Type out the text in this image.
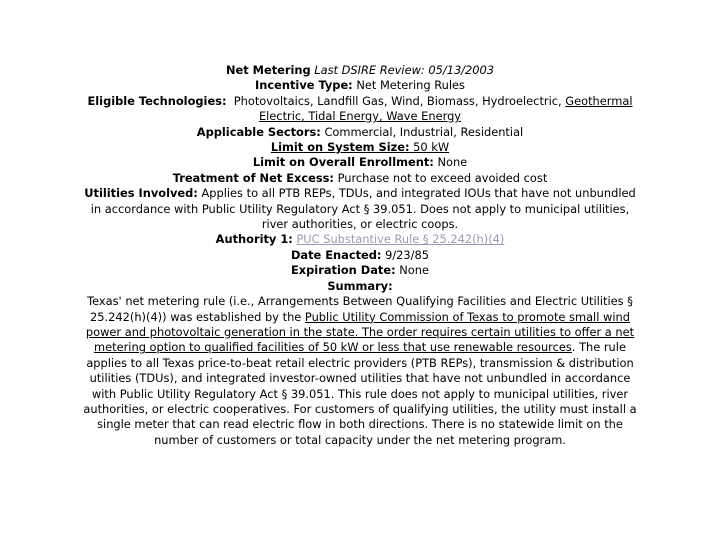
Net Metering Last DSIRE Review: 05/13/2003
Incentive Type: Net Metering Rules
Eligible Technologies: Photovoltaics, Landfill Gas, Wind, Biomass, Hydroelectric, Geothermal
Electric, Tidal Energy, Wave Energy
Applicable Sectors: Commercial, Industrial, Residential
Limit on System Size: 50 kW
Limit on Overall Enrollment: None
Treatment of Net Excess: Purchase not to exceed avoided cost
Utilities Involved: Applies to all PTB REPs, TDUs, and integrated IOUs that have not unbundled
in accordance with Public Utility Regulatory Act § 39.051. Does not apply to municipal utilities,
river authorities, or electric coops.
Authority 1: PUC Substantive Rule § 25.242(h)(4)
Date Enacted: 9/23/85
Expiration Date: None
Summary:
Texas' net metering rule (i.e., Arrangements Between Qualifying Facilities and Electric Utilities §
25.242(h)(4)) was established by the Public Utility Commission of Texas to promote small wind
power and photovoltaic generation in the state. The order requires certain utilities to offer a net
metering option to qualified facilities of 50 kW or less that use renewable resources. The rule
applies to all Texas price-to-beat retail electric providers (PTB REPs), transmission & distribution
utilities (TDUs), and integrated investor-owned utilities that have not unbundled in accordance
with Public Utility Regulatory Act § 39.051. This rule does not apply to municipal utilities, river
authorities, or electric cooperatives. For customers of qualifying utilities, the utility must install a
single meter that can read electric flow in both directions. There is no statewide limit on the
number of customers or total capacity under the net metering program.
